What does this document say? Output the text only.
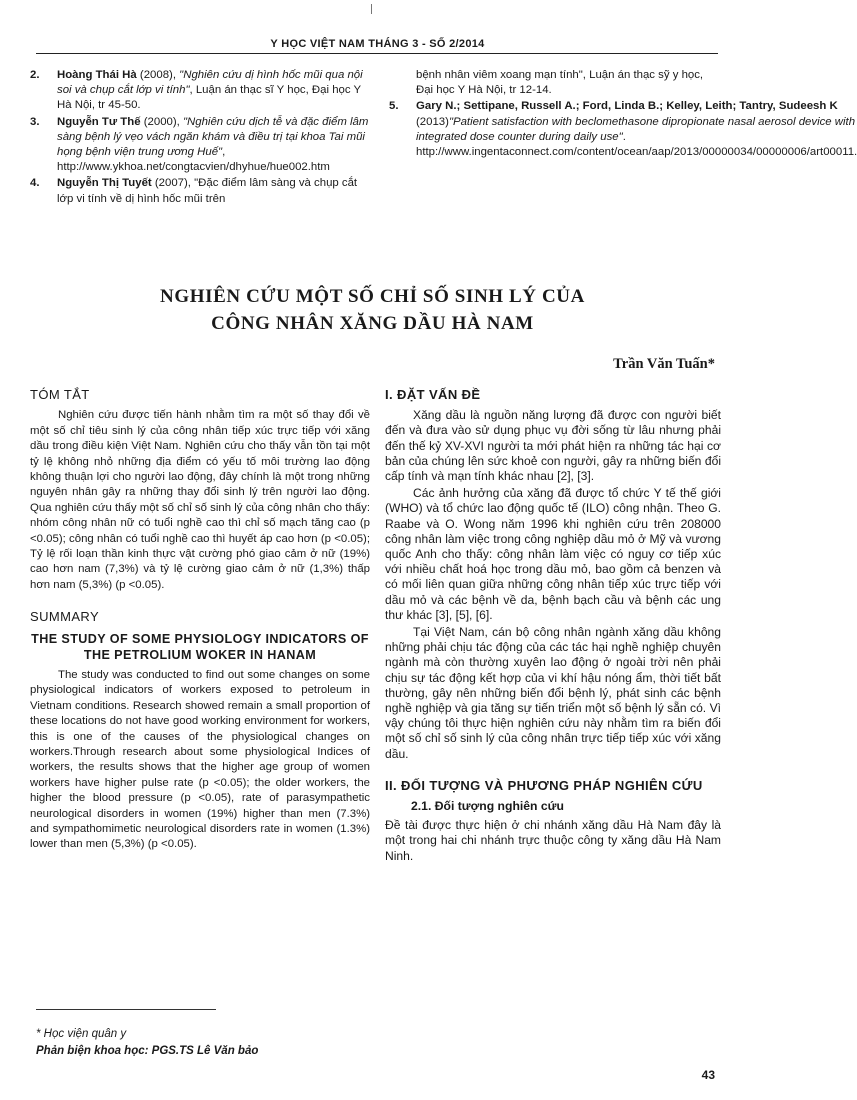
Y HỌC VIỆT NAM THÁNG 3 - SỐ 2/2014
2.	Hoàng Thái Hà (2008), "Nghiên cứu dị hình hốc mũi qua nội soi và chụp cắt lớp vi tính", Luận án thạc sĩ Y học, Đại học Y Hà Nội, tr 45-50.
3.	Nguyễn Tư Thế (2000), "Nghiên cứu dịch tễ và đặc điểm lâm sàng bệnh lý vẹo vách ngăn khám và điều trị tại khoa Tai mũi họng bệnh viện trung ương Huế", http://www.ykhoa.net/congtacvien/dhyhue/hue002.htm
4.	Nguyễn Thị Tuyết (2007), "Đặc điểm lâm sàng và chụp cắt lớp vi tính về dị hình hốc mũi trên
bệnh nhân viêm xoang mạn tính", Luận án thạc sỹ y học, Đại học Y Hà Nội, tr 12-14.
5.	Gary N.; Settipane, Russell A.; Ford, Linda B.; Kelley, Leith; Tantry, Sudeesh K (2013)"Patient satisfaction with beclomethasone dipropionate nasal aerosol device with integrated dose counter during daily use". http://www.ingentaconnect.com/content/ocean/aap/2013/00000034/00000006/art00011.
NGHIÊN CỨU MỘT SỐ CHỈ SỐ SINH LÝ CỦA
CÔNG NHÂN XĂNG DẦU HÀ NAM
Trần Văn Tuấn*
TÓM TẮT

Nghiên cứu được tiến hành nhằm tìm ra một số thay đổi về một số chỉ tiêu sinh lý của công nhân tiếp xúc trực tiếp với xăng dầu trong điều kiện Việt Nam. Nghiên cứu cho thấy vẫn tồn tại một tỷ lệ không nhỏ những địa điểm có yếu tố môi trường lao động không thuận lợi cho người lao động, đây chính là một trong những nguyên nhân gây ra những thay đổi sinh lý trên người lao động. Qua nghiên cứu thấy một số chỉ số sinh lý của công nhân cho thấy: nhóm công nhân nữ có tuổi nghề cao thì chỉ số mạch tăng cao (p <0.05); công nhân có tuổi nghề cao thì huyết áp cao hơn (p <0.05); Tỷ lệ rối loạn thần kinh thực vật cường phó giao cảm ở nữ (19%) cao hơn nam (7,3%) và tỷ lệ cường giao cảm ở nữ (1,3%) thấp hơn nam (5,3%) (p <0.05).

SUMMARY
THE STUDY OF SOME PHYSIOLOGY INDICATORS OF THE PETROLIUM WOKER IN HANAM

The study was conducted to find out some changes on some physiological indicators of workers exposed to petroleum in Vietnam conditions. Research showed remain a small proportion of these locations do not have good working environment for workers, this is one of the causes of the physiological changes on workers.Through research about some physiological Indices of workers, the results shows that the higher age group of women workers have higher pulse rate (p <0.05); the older workers, the higher the blood pressure (p <0.05), rate of parasympathetic neurological disorders in women (19%) higher than men (7.3%) and sympathomimetic neurological disorders rate in women (1.3%) lower than men (5,3%) (p <0.05).

I. ĐẶT VẤN ĐỀ

Xăng dầu là nguồn năng lượng đã được con người biết đến và đưa vào sử dụng phục vụ đời sống từ lâu nhưng phải đến thế kỷ XV-XVI người ta mới phát hiện ra những tác hại cơ bản của chúng lên sức khoẻ con người, gây ra những biến đổi cấp tính và mạn tính khác nhau [2], [3].

Các ảnh hưởng của xăng đã được tổ chức Y tế thế giới (WHO) và tổ chức lao động quốc tế (ILO) công nhận. Theo G. Raabe và O. Wong năm 1996 khi nghiên cứu trên 208000 công nhân làm việc trong công nghiệp dầu mỏ ở Mỹ và vương quốc Anh cho thấy: công nhân làm việc có nguy cơ tiếp xúc với nhiều chất hoá học trong dầu mỏ, bao gồm cả benzen và có mối liên quan giữa những công nhân tiếp xúc trực tiếp với dầu mỏ và các bệnh về da, bệnh bạch cầu và bệnh các ung thư khác [3], [5], [6].

Tại Việt Nam, cán bộ công nhân ngành xăng dầu không những phải chịu tác động của các tác hại nghề nghiệp chuyên ngành mà còn thường xuyên lao động ở ngoài trời nên phải chịu sự tác động kết hợp của vi khí hậu nóng ẩm, thời tiết bất thường, gây nên những biến đổi bệnh lý, phát sinh các bệnh nghề nghiệp và gia tăng sự tiến triển một số bệnh lý sẵn có. Vì vậy chúng tôi thực hiện nghiên cứu này nhằm tìm ra biến đổi một số chỉ số sinh lý của công nhân trực tiếp tiếp xúc với xăng dầu.

II. ĐỐI TƯỢNG VÀ PHƯƠNG PHÁP NGHIÊN CỨU
2.1. Đối tượng nghiên cứu

Đề tài được thực hiện ở chi nhánh xăng dầu Hà Nam đây là một trong hai chi nhánh trực thuộc công ty xăng dầu Hà Nam Ninh.

* Học viện quân y
Phản biện khoa học: PGS.TS Lê Văn bảo
43
